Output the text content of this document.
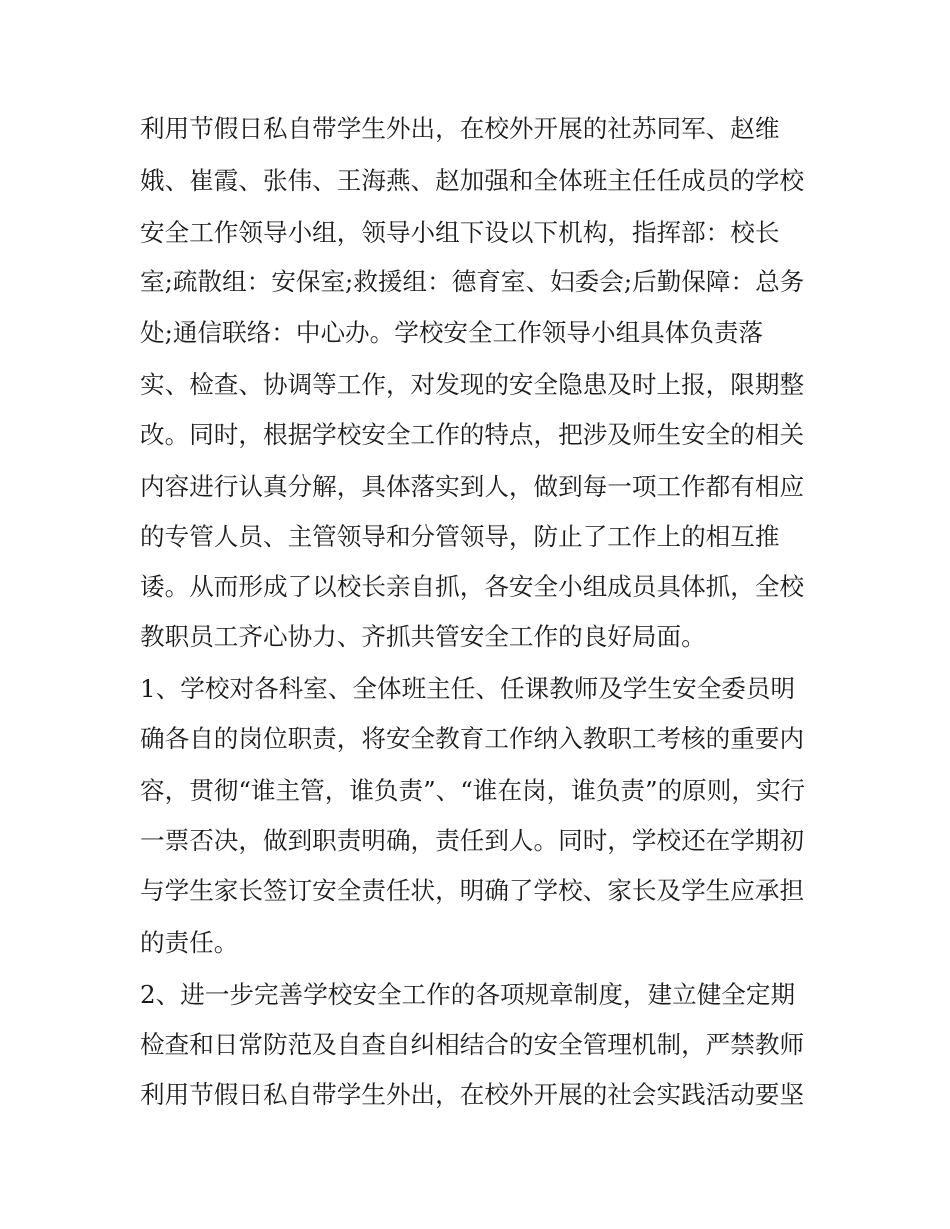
利用节假日私自带学生外出，在校外开展的社苏同军、赵维
娥、崔霞、张伟、王海燕、赵加强和全体班主任任成员的学校
安全工作领导小组，领导小组下设以下机构，指挥部：校长
室;疏散组：安保室;救援组：德育室、妇委会;后勤保障：总务
处;通信联络：中心办。学校安全工作领导小组具体负责落
实、检查、协调等工作，对发现的安全隐患及时上报，限期整
改。同时，根据学校安全工作的特点，把涉及师生安全的相关
内容进行认真分解，具体落实到人，做到每一项工作都有相应
的专管人员、主管领导和分管领导，防止了工作上的相互推
诿。从而形成了以校长亲自抓，各安全小组成员具体抓，全校
教职员工齐心协力、齐抓共管安全工作的良好局面。
1、学校对各科室、全体班主任、任课教师及学生安全委员明
确各自的岗位职责，将安全教育工作纳入教职工考核的重要内
容，贯彻“谁主管，谁负责”、“谁在岗，谁负责”的原则，实行
一票否决，做到职责明确，责任到人。同时，学校还在学期初
与学生家长签订安全责任状，明确了学校、家长及学生应承担
的责任。
2、进一步完善学校安全工作的各项规章制度，建立健全定期
检查和日常防范及自查自纠相结合的安全管理机制，严禁教师
利用节假日私自带学生外出，在校外开展的社会实践活动要坚
